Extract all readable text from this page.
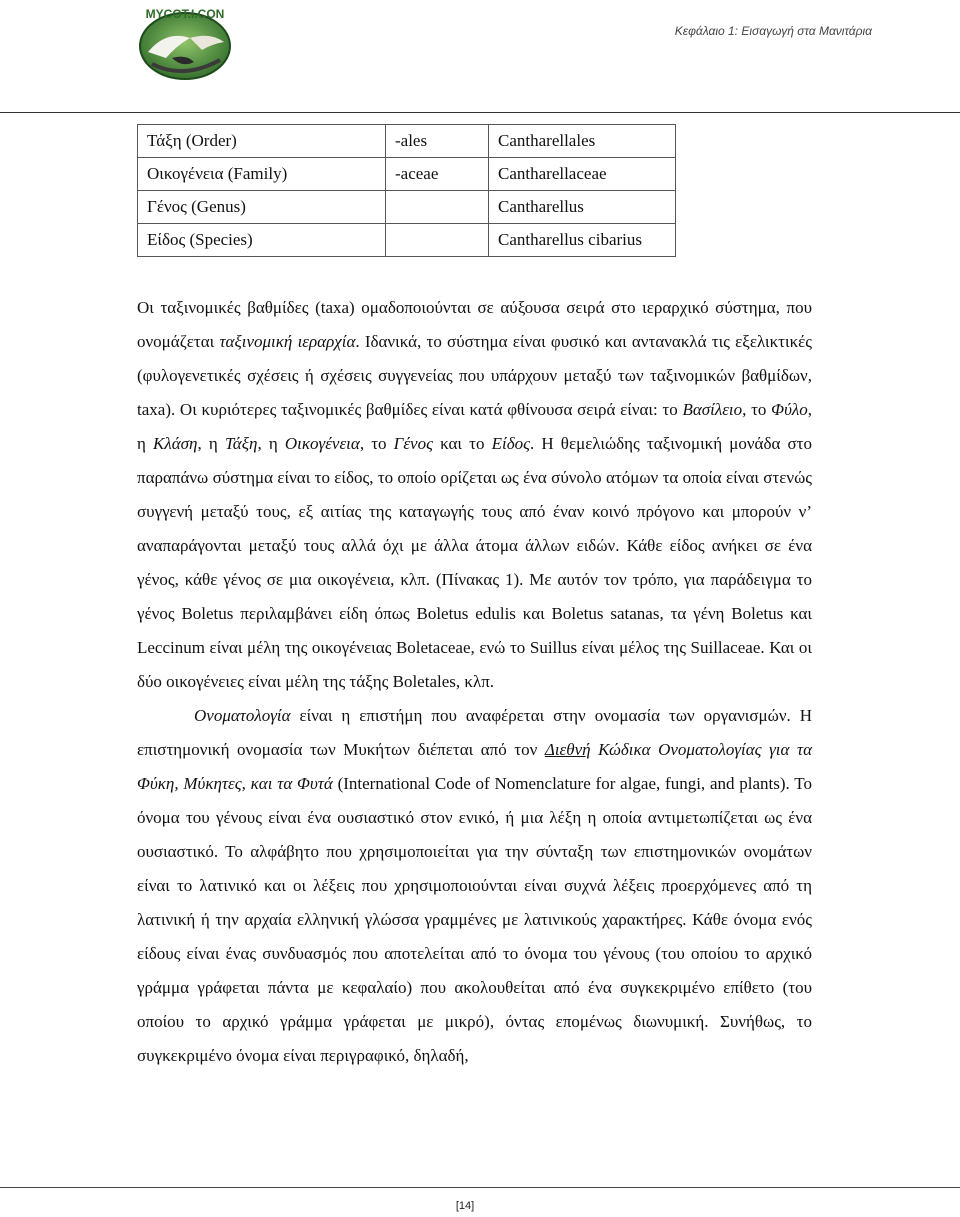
MYCOT.I.CON
Κεφάλαιο 1: Εισαγωγή στα Μανιτάρια
Τάξη (Order)	-ales	Cantharellales
Οικογένεια (Family)	-aceae	Cantharellaceae
Γένος (Genus)		Cantharellus
Είδος (Species)		Cantharellus cibarius

Οι ταξινομικές βαθμίδες (taxa) ομαδοποιούνται σε αύξουσα σειρά στο ιεραρχικό σύστημα, που ονομάζεται ταξινομική ιεραρχία. Ιδανικά, το σύστημα είναι φυσικό και αντανακλά τις εξελικτικές (φυλογενετικές σχέσεις ή σχέσεις συγγενείας που υπάρχουν μεταξύ των ταξινομικών βαθμίδων, taxa). Οι κυριότερες ταξινομικές βαθμίδες είναι κατά φθίνουσα σειρά είναι: το Βασίλειο, το Φύλο, η Κλάση, η Τάξη, η Οικογένεια, το Γένος και το Είδος. Η θεμελιώδης ταξινομική μονάδα στο παραπάνω σύστημα είναι το είδος, το οποίο ορίζεται ως ένα σύνολο ατόμων τα οποία είναι στενώς συγγενή μεταξύ τους, εξ αιτίας της καταγωγής τους από έναν κοινό πρόγονο και μπορούν ν’ αναπαράγονται μεταξύ τους αλλά όχι με άλλα άτομα άλλων ειδών. Κάθε είδος ανήκει σε ένα γένος, κάθε γένος σε μια οικογένεια, κλπ. (Πίνακας 1). Με αυτόν τον τρόπο, για παράδειγμα το γένος Boletus περιλαμβάνει είδη όπως Boletus edulis και Boletus satanas, τα γένη Boletus και Leccinum είναι μέλη της οικογένειας Boletaceae, ενώ το Suillus είναι μέλος της Suillaceae. Και οι δύο οικογένειες είναι μέλη της τάξης Boletales, κλπ.

Ονοματολογία είναι η επιστήμη που αναφέρεται στην ονομασία των οργανισμών. Η επιστημονική ονομασία των Μυκήτων διέπεται από τον Διεθνή Κώδικα Ονοματολογίας για τα Φύκη, Μύκητες, και τα Φυτά (International Code of Nomenclature for algae, fungi, and plants). Το όνομα του γένους είναι ένα ουσιαστικό στον ενικό, ή μια λέξη η οποία αντιμετωπίζεται ως ένα ουσιαστικό. Το αλφάβητο που χρησιμοποιείται για την σύνταξη των επιστημονικών ονομάτων είναι το λατινικό και οι λέξεις που χρησιμοποιούνται είναι συχνά λέξεις προερχόμενες από τη λατινική ή την αρχαία ελληνική γλώσσα γραμμένες με λατινικούς χαρακτήρες. Κάθε όνομα ενός είδους είναι ένας συνδυασμός που αποτελείται από το όνομα του γένους (του οποίου το αρχικό γράμμα γράφεται πάντα με κεφαλαίο) που ακολουθείται από ένα συγκεκριμένο επίθετο (του οποίου το αρχικό γράμμα γράφεται με μικρό), όντας επομένως διωνυμική. Συνήθως, το συγκεκριμένο όνομα είναι περιγραφικό, δηλαδή,

[14]
